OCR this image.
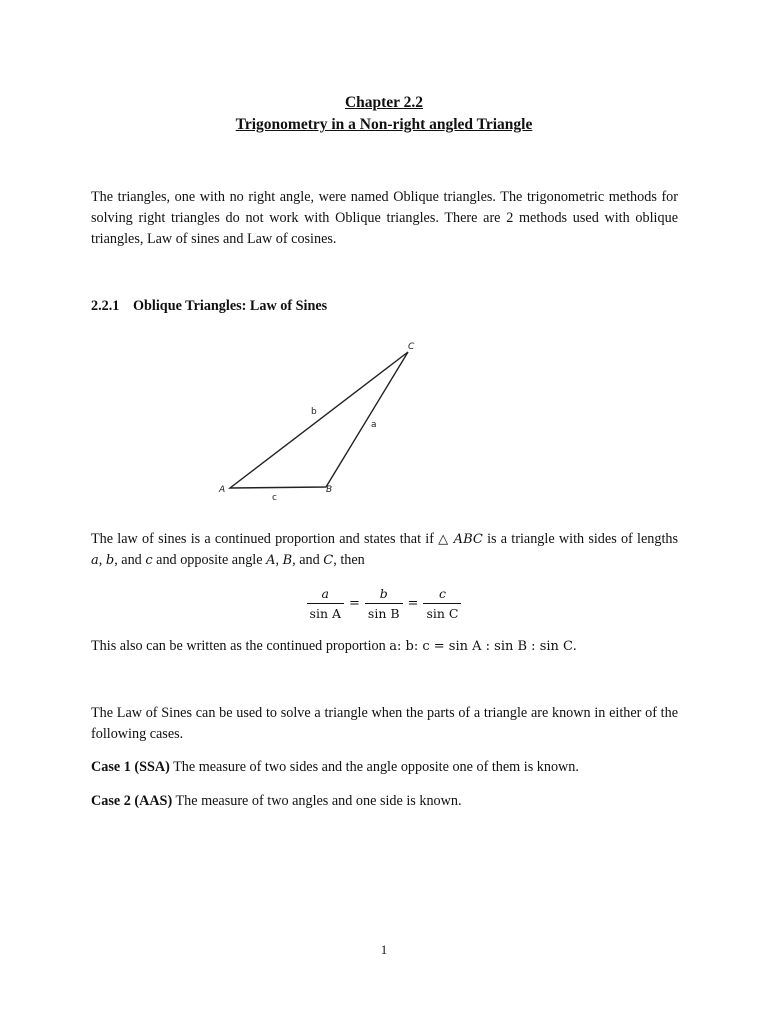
Chapter 2.2
Trigonometry in a Non-right angled Triangle
The triangles, one with no right angle, were named Oblique triangles. The trigonometric methods for solving right triangles do not work with Oblique triangles. There are 2 methods used with oblique triangles, Law of sines and Law of cosines.
2.2.1 Oblique Triangles: Law of Sines
C
A	B
b
a
c
The law of sines is a continued proportion and states that if △ ABC is a triangle with sides of lengths a, b, and c and opposite angle A, B, and C, then
$\frac{a}{\text{sin A}} = \frac{b}{\text{sin B}} = \frac{c}{\text{sin C}}$
This also can be written as the continued proportion a: b: c = sin A : sin B : sin C.
The Law of Sines can be used to solve a triangle when the parts of a triangle are known in either of the following cases.
Case 1 (SSA) The measure of two sides and the angle opposite one of them is known.
Case 2 (AAS) The measure of two angles and one side is known.
1
